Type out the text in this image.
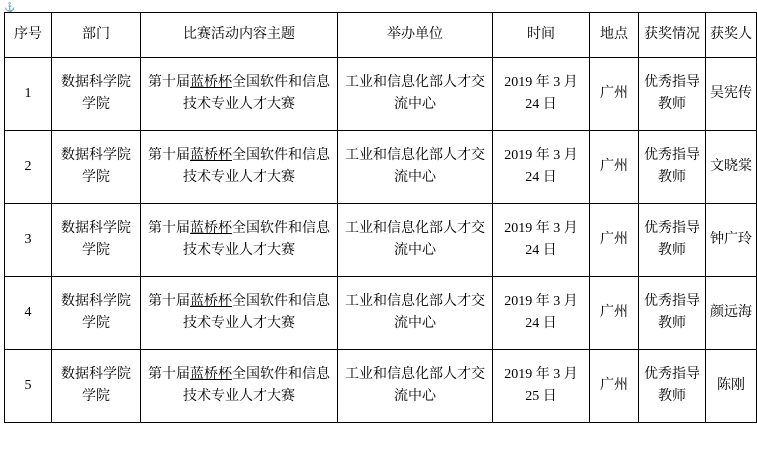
⚓
序号	部门	比赛活动内容主题	举办单位	时间	地点	获奖情况	获奖人
1	数据科学院学院	第十届蓝桥杯全国软件和信息技术专业人才大赛	工业和信息化部人才交流中心	2019 年 3 月 24 日	广州	优秀指导教师	吴宪传
2	数据科学院学院	第十届蓝桥杯全国软件和信息技术专业人才大赛	工业和信息化部人才交流中心	2019 年 3 月 24 日	广州	优秀指导教师	文晓棠
3	数据科学院学院	第十届蓝桥杯全国软件和信息技术专业人才大赛	工业和信息化部人才交流中心	2019 年 3 月 24 日	广州	优秀指导教师	钟广玲
4	数据科学院学院	第十届蓝桥杯全国软件和信息技术专业人才大赛	工业和信息化部人才交流中心	2019 年 3 月 24 日	广州	优秀指导教师	颜远海
5	数据科学院学院	第十届蓝桥杯全国软件和信息技术专业人才大赛	工业和信息化部人才交流中心	2019 年 3 月 25 日	广州	优秀指导教师	陈刚
